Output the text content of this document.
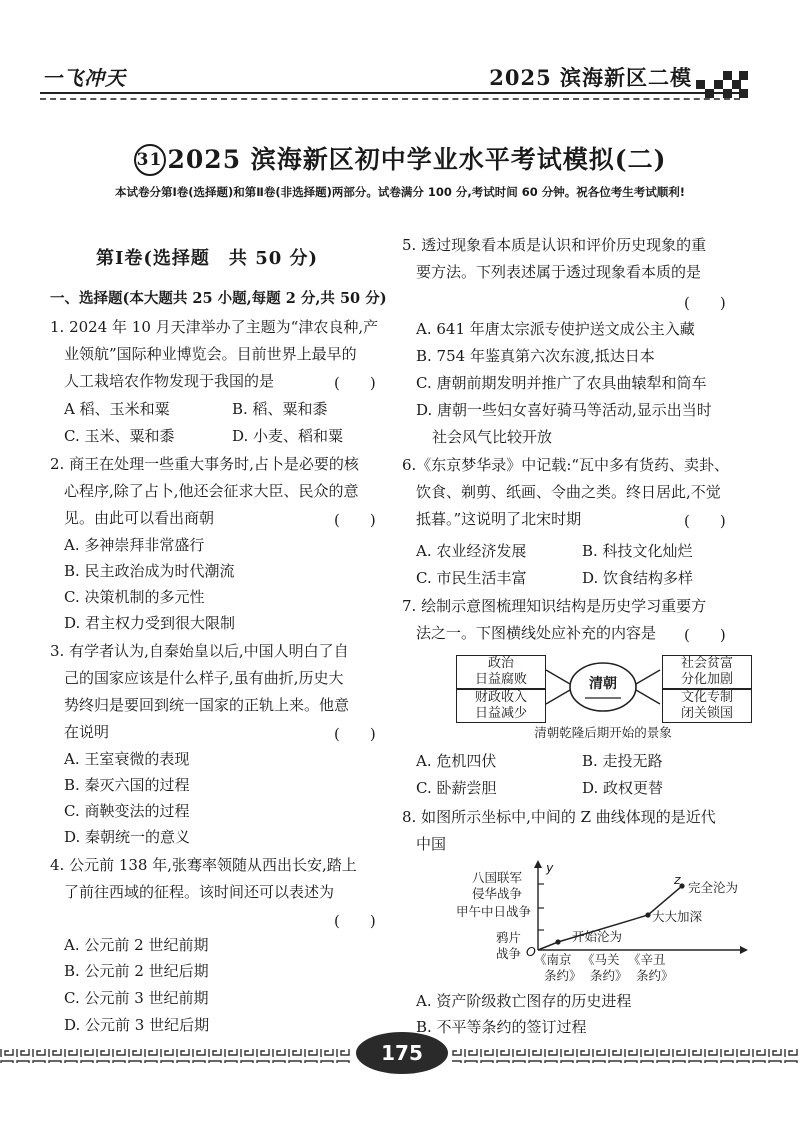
一飞冲天	2025 滨海新区二模
31 2025 滨海新区初中学业水平考试模拟(二)
本试卷分第Ⅰ卷(选择题)和第Ⅱ卷(非选择题)两部分。试卷满分 100 分,考试时间 60 分钟。祝各位考生考试顺利!
第Ⅰ卷(选择题　共 50 分)
一、选择题(本大题共 25 小题,每题 2 分,共 50 分)
1. 2024 年 10 月天津举办了主题为“津农良种,产
业领航”国际种业博览会。目前世界上最早的
人工栽培农作物发现于我国的是	(　　)
A 稻、玉米和粟	B. 稻、粟和黍
C. 玉米、粟和黍	D. 小麦、稻和粟
2. 商王在处理一些重大事务时,占卜是必要的核
心程序,除了占卜,他还会征求大臣、民众的意
见。由此可以看出商朝	(　　)
A. 多神崇拜非常盛行
B. 民主政治成为时代潮流
C. 决策机制的多元性
D. 君主权力受到很大限制
3. 有学者认为,自秦始皇以后,中国人明白了自
己的国家应该是什么样子,虽有曲折,历史大
势终归是要回到统一国家的正轨上来。他意
在说明	(　　)
A. 王室衰微的表现
B. 秦灭六国的过程
C. 商鞅变法的过程
D. 秦朝统一的意义
4. 公元前 138 年,张骞率领随从西出长安,踏上
了前往西域的征程。该时间还可以表述为
(　　)
A. 公元前 2 世纪前期
B. 公元前 2 世纪后期
C. 公元前 3 世纪前期
D. 公元前 3 世纪后期
5. 透过现象看本质是认识和评价历史现象的重
要方法。下列表述属于透过现象看本质的是
(　　)
A. 641 年唐太宗派专使护送文成公主入藏
B. 754 年鉴真第六次东渡,抵达日本
C. 唐朝前期发明并推广了农具曲辕犁和筒车
D. 唐朝一些妇女喜好骑马等活动,显示出当时
社会风气比较开放
6.《东京梦华录》中记载:“瓦中多有货药、卖卦、
饮食、剃剪、纸画、令曲之类。终日居此,不觉
抵暮。”这说明了北宋时期	(　　)
A. 农业经济发展	B. 科技文化灿烂
C. 市民生活丰富	D. 饮食结构多样
7. 绘制示意图梳理知识结构是历史学习重要方
法之一。下图横线处应补充的内容是 (　　)
政治
日益腐败
财政收入
日益减少
清朝
社会贫富
分化加剧
文化专制
闭关锁国
清朝乾隆后期开始的景象
A. 危机四伏	B. 走投无路
C. 卧薪尝胆	D. 政权更替
8. 如图所示坐标中,中间的 Z 曲线体现的是近代
中国
y
z
O
八国联军
侵华战争
甲午中日战争
鸦片
战争
开始沦为
大大加深
完全沦为
《南京 《马关 《辛丑
条约》 条约》 条约》
A. 资产阶级救亡图存的历史进程
B. 不平等条约的签订过程
175
